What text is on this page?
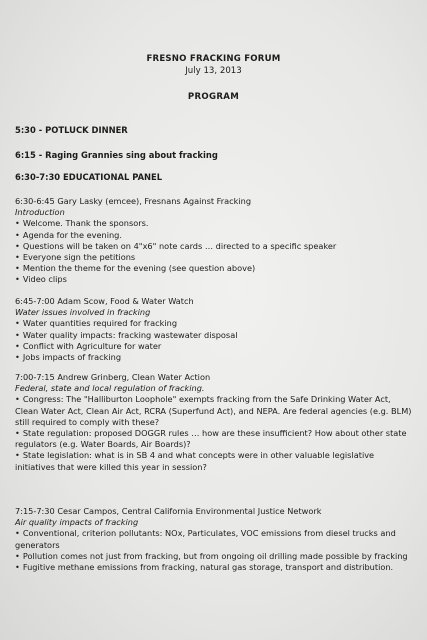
FRESNO FRACKING FORUM
July 13, 2013
PROGRAM
5:30 - POTLUCK DINNER
6:15 - Raging Grannies sing about fracking
6:30-7:30 EDUCATIONAL PANEL
6:30-6:45 Gary Lasky (emcee), Fresnans Against Fracking
Introduction
• Welcome. Thank the sponsors.
• Agenda for the evening.
• Questions will be taken on 4"x6" note cards … directed to a specific speaker
• Everyone sign the petitions
• Mention the theme for the evening (see question above)
• Video clips
6:45-7:00 Adam Scow, Food & Water Watch
Water issues involved in fracking
• Water quantities required for fracking
• Water quality impacts: fracking wastewater disposal
• Conflict with Agriculture for water
• Jobs impacts of fracking
7:00-7:15 Andrew Grinberg, Clean Water Action
Federal, state and local regulation of fracking.
• Congress: The "Halliburton Loophole" exempts fracking from the Safe Drinking Water Act, Clean Water Act, Clean Air Act, RCRA (Superfund Act), and NEPA. Are federal agencies (e.g. BLM) still required to comply with these?
• State regulation: proposed DOGGR rules … how are these insufficient? How about other state regulators (e.g. Water Boards, Air Boards)?
• State legislation: what is in SB 4 and what concepts were in other valuable legislative initiatives that were killed this year in session?
7:15-7:30 Cesar Campos, Central California Environmental Justice Network
Air quality impacts of fracking
• Conventional, criterion pollutants: NOx, Particulates, VOC emissions from diesel trucks and generators
• Pollution comes not just from fracking, but from ongoing oil drilling made possible by fracking
• Fugitive methane emissions from fracking, natural gas storage, transport and distribution.
